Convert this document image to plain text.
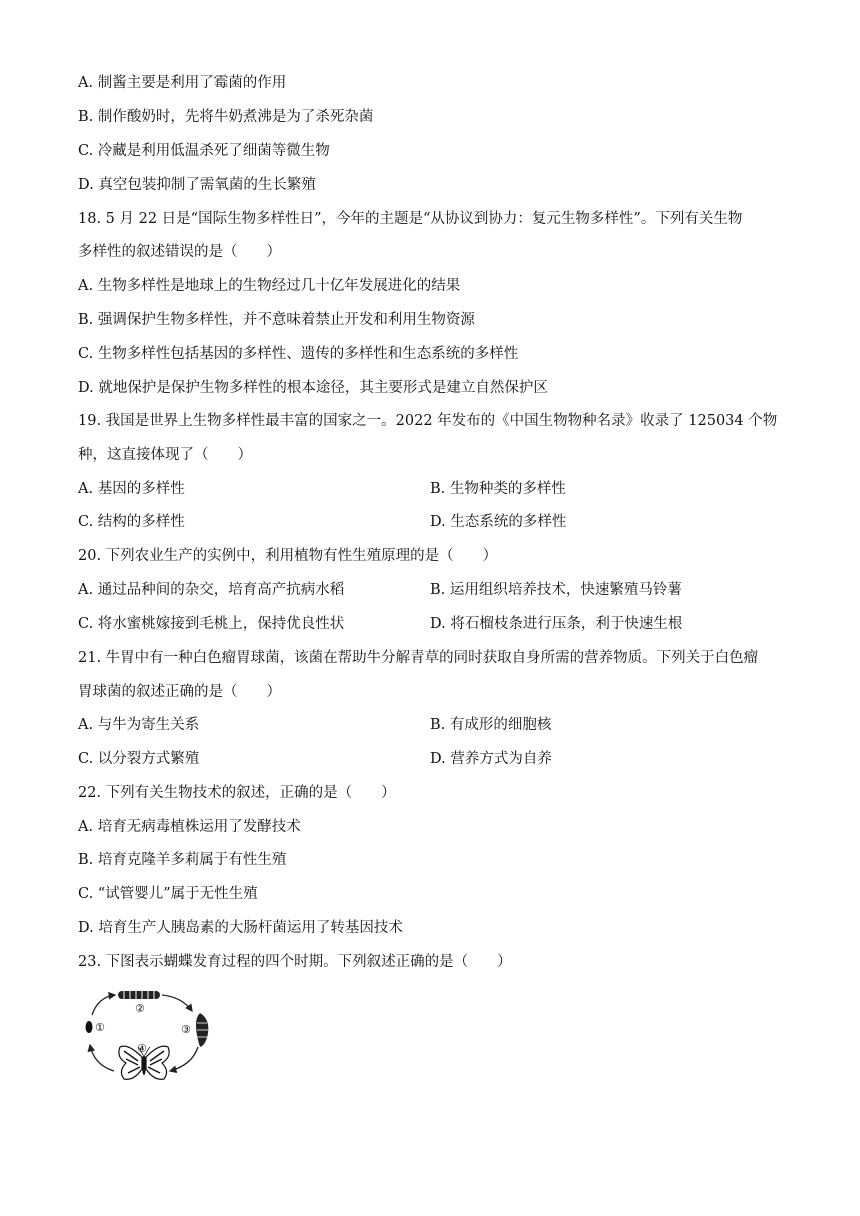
A. 制酱主要是利用了霉菌的作用
B. 制作酸奶时，先将牛奶煮沸是为了杀死杂菌
C. 冷藏是利用低温杀死了细菌等微生物
D. 真空包装抑制了需氧菌的生长繁殖
18. 5 月 22 日是“国际生物多样性日”，今年的主题是“从协议到协力：复元生物多样性”。下列有关生物
多样性的叙述错误的是（　　）
A. 生物多样性是地球上的生物经过几十亿年发展进化的结果
B. 强调保护生物多样性，并不意味着禁止开发和利用生物资源
C. 生物多样性包括基因的多样性、遗传的多样性和生态系统的多样性
D. 就地保护是保护生物多样性的根本途径，其主要形式是建立自然保护区
19. 我国是世界上生物多样性最丰富的国家之一。2022 年发布的《中国生物物种名录》收录了 125034 个物
种，这直接体现了（　　）
A. 基因的多样性	B. 生物种类的多样性
C. 结构的多样性	D. 生态系统的多样性
20. 下列农业生产的实例中，利用植物有性生殖原理的是（　　）
A. 通过品种间的杂交，培育高产抗病水稻	B. 运用组织培养技术，快速繁殖马铃薯
C. 将水蜜桃嫁接到毛桃上，保持优良性状	D. 将石榴枝条进行压条，利于快速生根
21. 牛胃中有一种白色瘤胃球菌，该菌在帮助牛分解青草的同时获取自身所需的营养物质。下列关于白色瘤
胃球菌的叙述正确的是（　　）
A. 与牛为寄生关系	B. 有成形的细胞核
C. 以分裂方式繁殖	D. 营养方式为自养
22. 下列有关生物技术的叙述，正确的是（　　）
A. 培育无病毒植株运用了发酵技术
B. 培育克隆羊多莉属于有性生殖
C. “试管婴儿”属于无性生殖
D. 培育生产人胰岛素的大肠杆菌运用了转基因技术
23. 下图表示蝴蝶发育过程的四个时期。下列叙述正确的是（　　）
①
②
③
④
